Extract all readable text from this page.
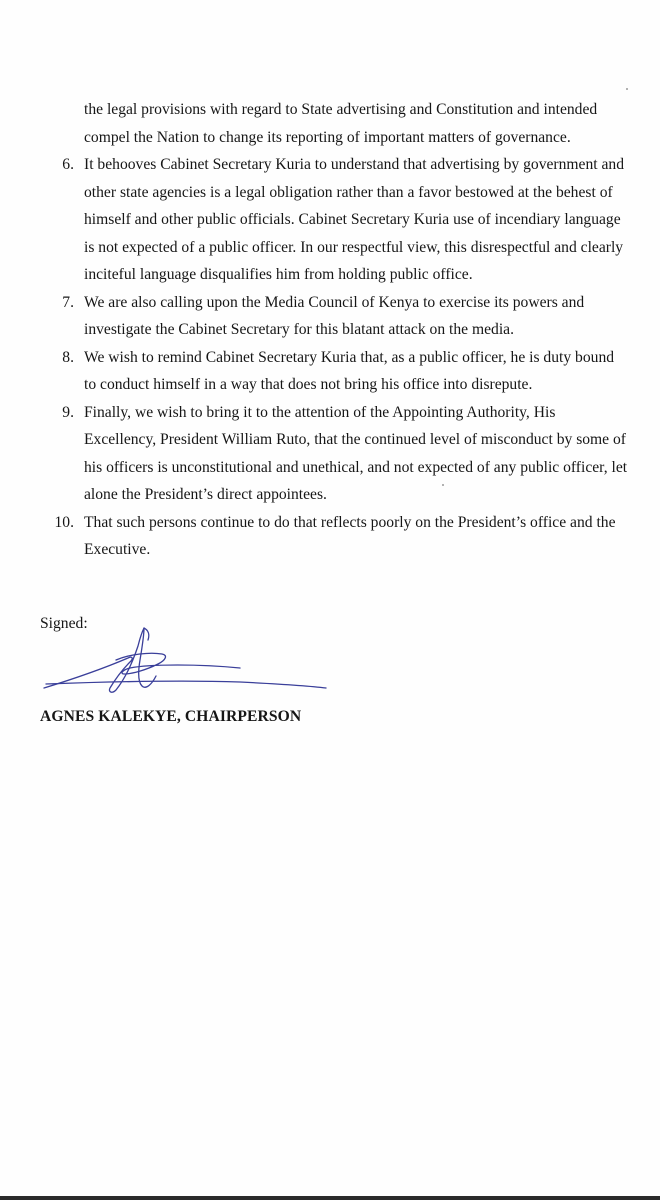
the legal provisions with regard to State advertising and Constitution and intended
compel the Nation to change its reporting of important matters of governance.
6. It behooves Cabinet Secretary Kuria to understand that advertising by government and
other state agencies is a legal obligation rather than a favor bestowed at the behest of
himself and other public officials. Cabinet Secretary Kuria use of incendiary language
is not expected of a public officer. In our respectful view, this disrespectful and clearly
inciteful language disqualifies him from holding public office.
7. We are also calling upon the Media Council of Kenya to exercise its powers and
investigate the Cabinet Secretary for this blatant attack on the media.
8. We wish to remind Cabinet Secretary Kuria that, as a public officer, he is duty bound
to conduct himself in a way that does not bring his office into disrepute.
9. Finally, we wish to bring it to the attention of the Appointing Authority, His
Excellency, President William Ruto, that the continued level of misconduct by some of
his officers is unconstitutional and unethical, and not expected of any public officer, let
alone the President’s direct appointees.
10. That such persons continue to do that reflects poorly on the President’s office and the
Executive.
Signed:
AGNES KALEKYE, CHAIRPERSON
